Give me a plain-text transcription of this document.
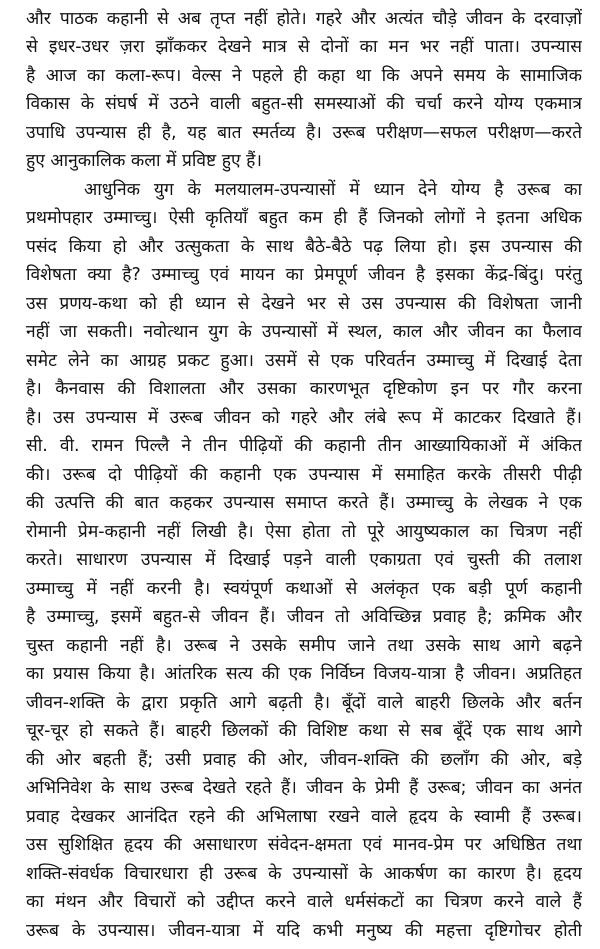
और पाठक कहानी से अब तृप्त नहीं होते। गहरे और अत्यंत चौड़े जीवन के दरवाज़ों
से इधर-उधर ज़रा झाँककर देखने मात्र से दोनों का मन भर नहीं पाता। उपन्यास
है आज का कला-रूप। वेल्स ने पहले ही कहा था कि अपने समय के सामाजिक
विकास के संघर्ष में उठने वाली बहुत-सी समस्याओं की चर्चा करने योग्य एकमात्र
उपाधि उपन्यास ही है, यह बात स्मर्तव्य है। उरूब परीक्षण—सफल परीक्षण—करते
हुए आनुकालिक कला में प्रविष्ट हुए हैं।
आधुनिक युग के मलयालम-उपन्यासों में ध्यान देने योग्य है उरूब का
प्रथमोपहार उम्माच्चु। ऐसी कृतियाँ बहुत कम ही हैं जिनको लोगों ने इतना अधिक
पसंद किया हो और उत्सुकता के साथ बैठे-बैठे पढ़ लिया हो। इस उपन्यास की
विशेषता क्या है? उम्माच्चु एवं मायन का प्रेमपूर्ण जीवन है इसका केंद्र-बिंदु। परंतु
उस प्रणय-कथा को ही ध्यान से देखने भर से उस उपन्यास की विशेषता जानी
नहीं जा सकती। नवोत्थान युग के उपन्यासों में स्थल, काल और जीवन का फैलाव
समेट लेने का आग्रह प्रकट हुआ। उसमें से एक परिवर्तन उम्माच्चु में दिखाई देता
है। कैनवास की विशालता और उसका कारणभूत दृष्टिकोण इन पर गौर करना
है। उस उपन्यास में उरूब जीवन को गहरे और लंबे रूप में काटकर दिखाते हैं।
सी. वी. रामन पिल्लै ने तीन पीढ़ियों की कहानी तीन आख्यायिकाओं में अंकित
की। उरूब दो पीढ़ियों की कहानी एक उपन्यास में समाहित करके तीसरी पीढ़ी
की उत्पत्ति की बात कहकर उपन्यास समाप्त करते हैं। उम्माच्चु के लेखक ने एक
रोमानी प्रेम-कहानी नहीं लिखी है। ऐसा होता तो पूरे आयुष्यकाल का चित्रण नहीं
करते। साधारण उपन्यास में दिखाई पड़ने वाली एकाग्रता एवं चुस्ती की तलाश
उम्माच्चु में नहीं करनी है। स्वयंपूर्ण कथाओं से अलंकृत एक बड़ी पूर्ण कहानी
है उम्माच्चु, इसमें बहुत-से जीवन हैं। जीवन तो अविच्छिन्न प्रवाह है; क्रमिक और
चुस्त कहानी नहीं है। उरूब ने उसके समीप जाने तथा उसके साथ आगे बढ़ने
का प्रयास किया है। आंतरिक सत्य की एक निर्विघ्न विजय-यात्रा है जीवन। अप्रतिहत
जीवन-शक्ति के द्वारा प्रकृति आगे बढ़ती है। बूँदों वाले बाहरी छिलके और बर्तन
चूर-चूर हो सकते हैं। बाहरी छिलकों की विशिष्ट कथा से सब बूँदें एक साथ आगे
की ओर बहती हैं; उसी प्रवाह की ओर, जीवन-शक्ति की छलाँग की ओर, बड़े
अभिनिवेश के साथ उरूब देखते रहते हैं। जीवन के प्रेमी हैं उरूब; जीवन का अनंत
प्रवाह देखकर आनंदित रहने की अभिलाषा रखने वाले हृदय के स्वामी हैं उरूब।
उस सुशिक्षित हृदय की असाधारण संवेदन-क्षमता एवं मानव-प्रेम पर अधिष्ठित तथा
शक्ति-संवर्धक विचारधारा ही उरूब के उपन्यासों के आकर्षण का कारण है। हृदय
का मंथन और विचारों को उद्दीप्त करने वाले धर्मसंकटों का चित्रण करने वाले हैं
उरूब के उपन्यास। जीवन-यात्रा में यदि कभी मनुष्य की महत्ता दृष्टिगोचर होती
